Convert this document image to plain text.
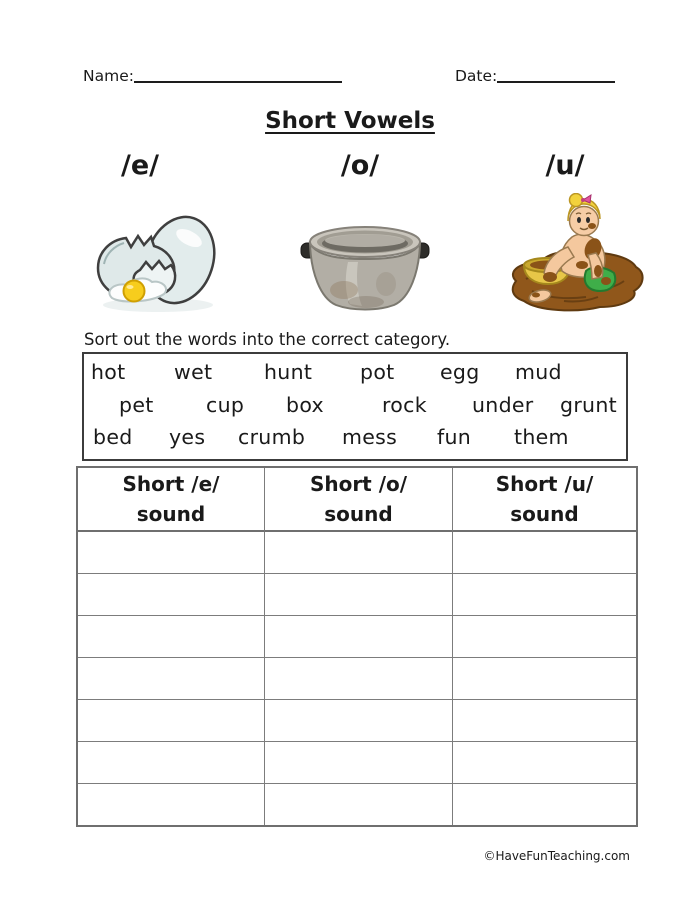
Name:	Date:
Short Vowels
/e/	/o/	/u/
Sort out the words into the correct category.
hot wet	hunt pot egg mud
pet	cup box	rock under grunt
bed yes crumb mess fun them
Short /e/
sound
Short /o/
sound
Short /u/
sound
©HaveFunTeaching.com
